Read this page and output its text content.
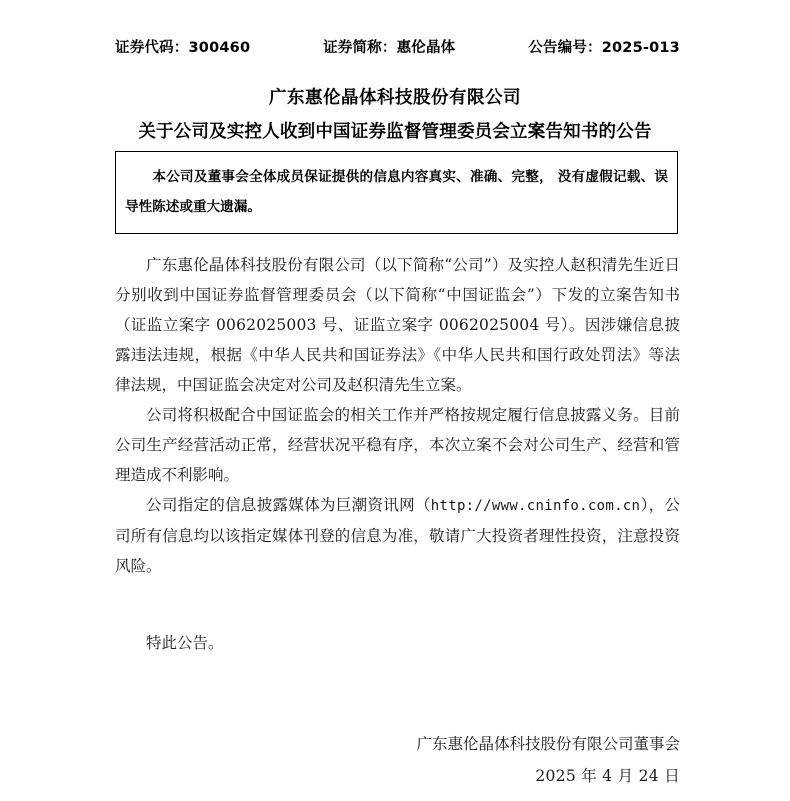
证券代码：300460	证券简称：惠伦晶体	公告编号：2025-013
广东惠伦晶体科技股份有限公司
关于公司及实控人收到中国证券监督管理委员会立案告知书的公告
本公司及董事会全体成员保证提供的信息内容真实、准确、完整， 没有虚假记载、误导性陈述或重大遗漏。

广东惠伦晶体科技股份有限公司（以下简称“公司”）及实控人赵积清先生近日分别收到中国证券监督管理委员会（以下简称“中国证监会”）下发的立案告知书（证监立案字 0062025003 号、证监立案字 0062025004 号）。因涉嫌信息披露违法违规，根据《中华人民共和国证券法》《中华人民共和国行政处罚法》等法律法规，中国证监会决定对公司及赵积清先生立案。

公司将积极配合中国证监会的相关工作并严格按规定履行信息披露义务。目前公司生产经营活动正常，经营状况平稳有序，本次立案不会对公司生产、经营和管理造成不利影响。

公司指定的信息披露媒体为巨潮资讯网（http://www.cninfo.com.cn），公司所有信息均以该指定媒体刊登的信息为准，敬请广大投资者理性投资，注意投资风险。

特此公告。
广东惠伦晶体科技股份有限公司董事会
2025 年 4 月 24 日
